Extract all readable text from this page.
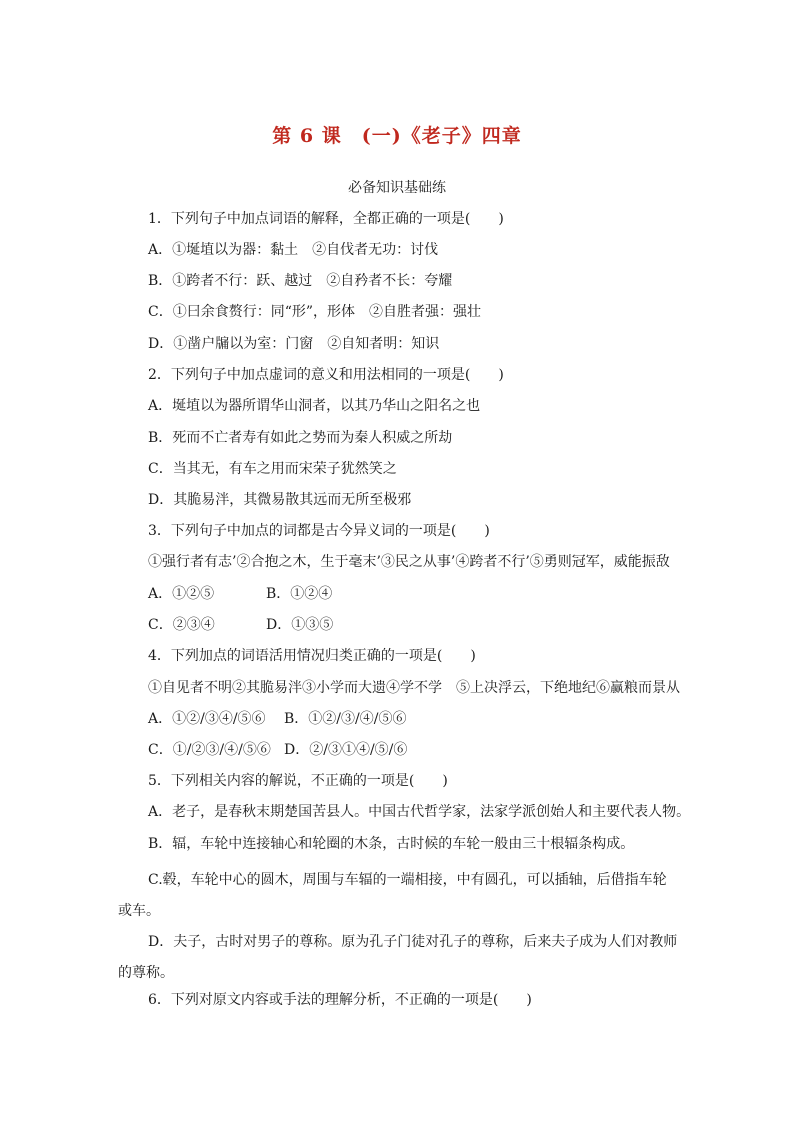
第 6 课　(一)《老子》四章
必备知识基础练
1．下列句子中加点词语的解释，全都正确的一项是(　　)
A．①埏埴以为器：黏土　②自伐者无功：讨伐
B．①跨者不行：跃、越过　②自矜者不长：夸耀
C．①曰余食赘行：同“形”，形体　②自胜者强：强壮
D．①凿户牖以为室：门窗　②自知者明：知识
2．下列句子中加点虚词的意义和用法相同的一项是(　　)
A．埏埴以为器所谓华山洞者，以其乃华山之阳名之也
B．死而不亡者寿有如此之势而为秦人积威之所劫
C．当其无，有车之用而宋荣子犹然笑之
D．其脆易泮，其微易散其远而无所至极邪
3．下列句子中加点的词都是古今异义词的一项是(　　)
①强行者有志’②合抱之木，生于毫末’③民之从事’④跨者不行’⑤勇则冠军，威能振敌
A．①②⑤	B．①②④
C．②③④	D．①③⑤
4．下列加点的词语活用情况归类正确的一项是(　　)
①自见者不明②其脆易泮③小学而大遗④学不学　⑤上决浮云，下绝地纪⑥赢粮而景从
A．①②/③④/⑤⑥ B．①②/③/④/⑤⑥
C．①/②③/④/⑤⑥ D．②/③①④/⑤/⑥
5．下列相关内容的解说，不正确的一项是(　　)
A．老子，是春秋末期楚国苦县人。中国古代哲学家，法家学派创始人和主要代表人物。
B．辐，车轮中连接轴心和轮圈的木条，古时候的车轮一般由三十根辐条构成。
C.毂，车轮中心的圆木，周围与车辐的一端相接，中有圆孔，可以插轴，后借指车轮或车。
D．夫子，古时对男子的尊称。原为孔子门徒对孔子的尊称，后来夫子成为人们对教师的尊称。
6．下列对原文内容或手法的理解分析，不正确的一项是(　　)
